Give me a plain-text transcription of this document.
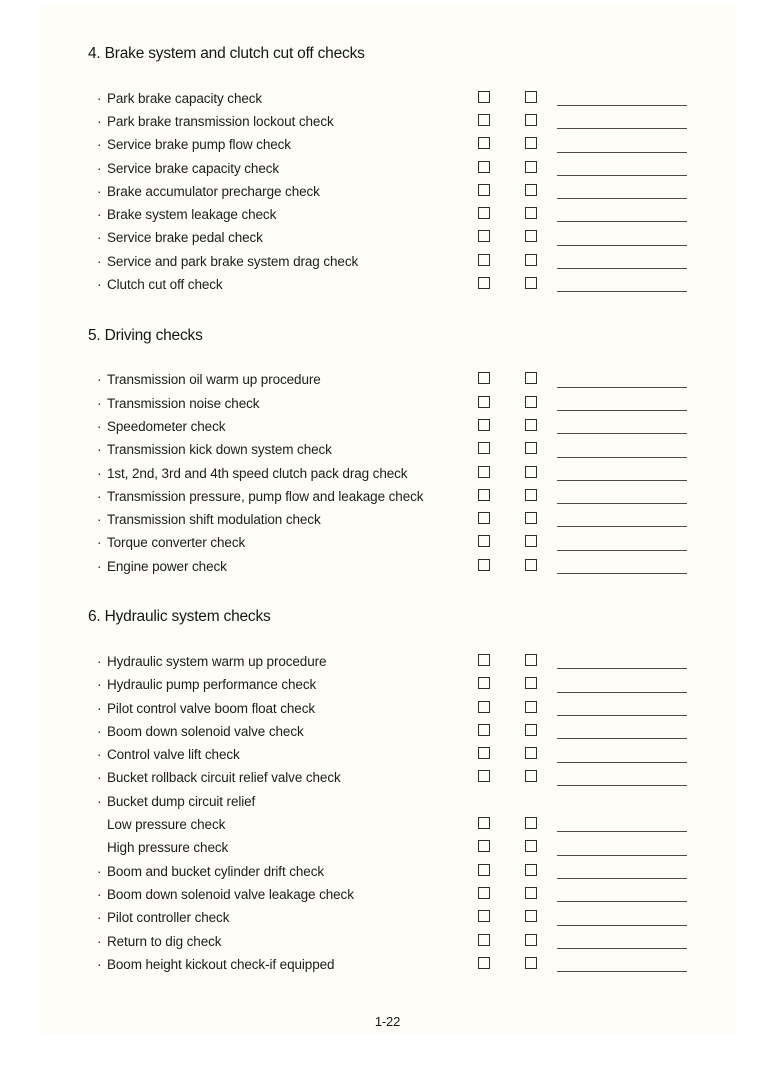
4. Brake system and clutch cut off checks
· Park brake capacity check
· Park brake transmission lockout check
· Service brake pump flow check
· Service brake capacity check
· Brake accumulator precharge check
· Brake system leakage check
· Service brake pedal check
· Service and park brake system drag check
· Clutch cut off check
5. Driving checks
· Transmission oil warm up procedure
· Transmission noise check
· Speedometer check
· Transmission kick down system check
· 1st, 2nd, 3rd and 4th speed clutch pack drag check
· Transmission pressure, pump flow and leakage check
· Transmission shift modulation check
· Torque converter check
· Engine power check
6. Hydraulic system checks
· Hydraulic system warm up procedure
· Hydraulic pump performance check
· Pilot control valve boom float check
· Boom down solenoid valve check
· Control valve lift check
· Bucket rollback circuit relief valve check
· Bucket dump circuit relief
Low pressure check
High pressure check
· Boom and bucket cylinder drift check
· Boom down solenoid valve leakage check
· Pilot controller check
· Return to dig check
· Boom height kickout check-if equipped
1-22
